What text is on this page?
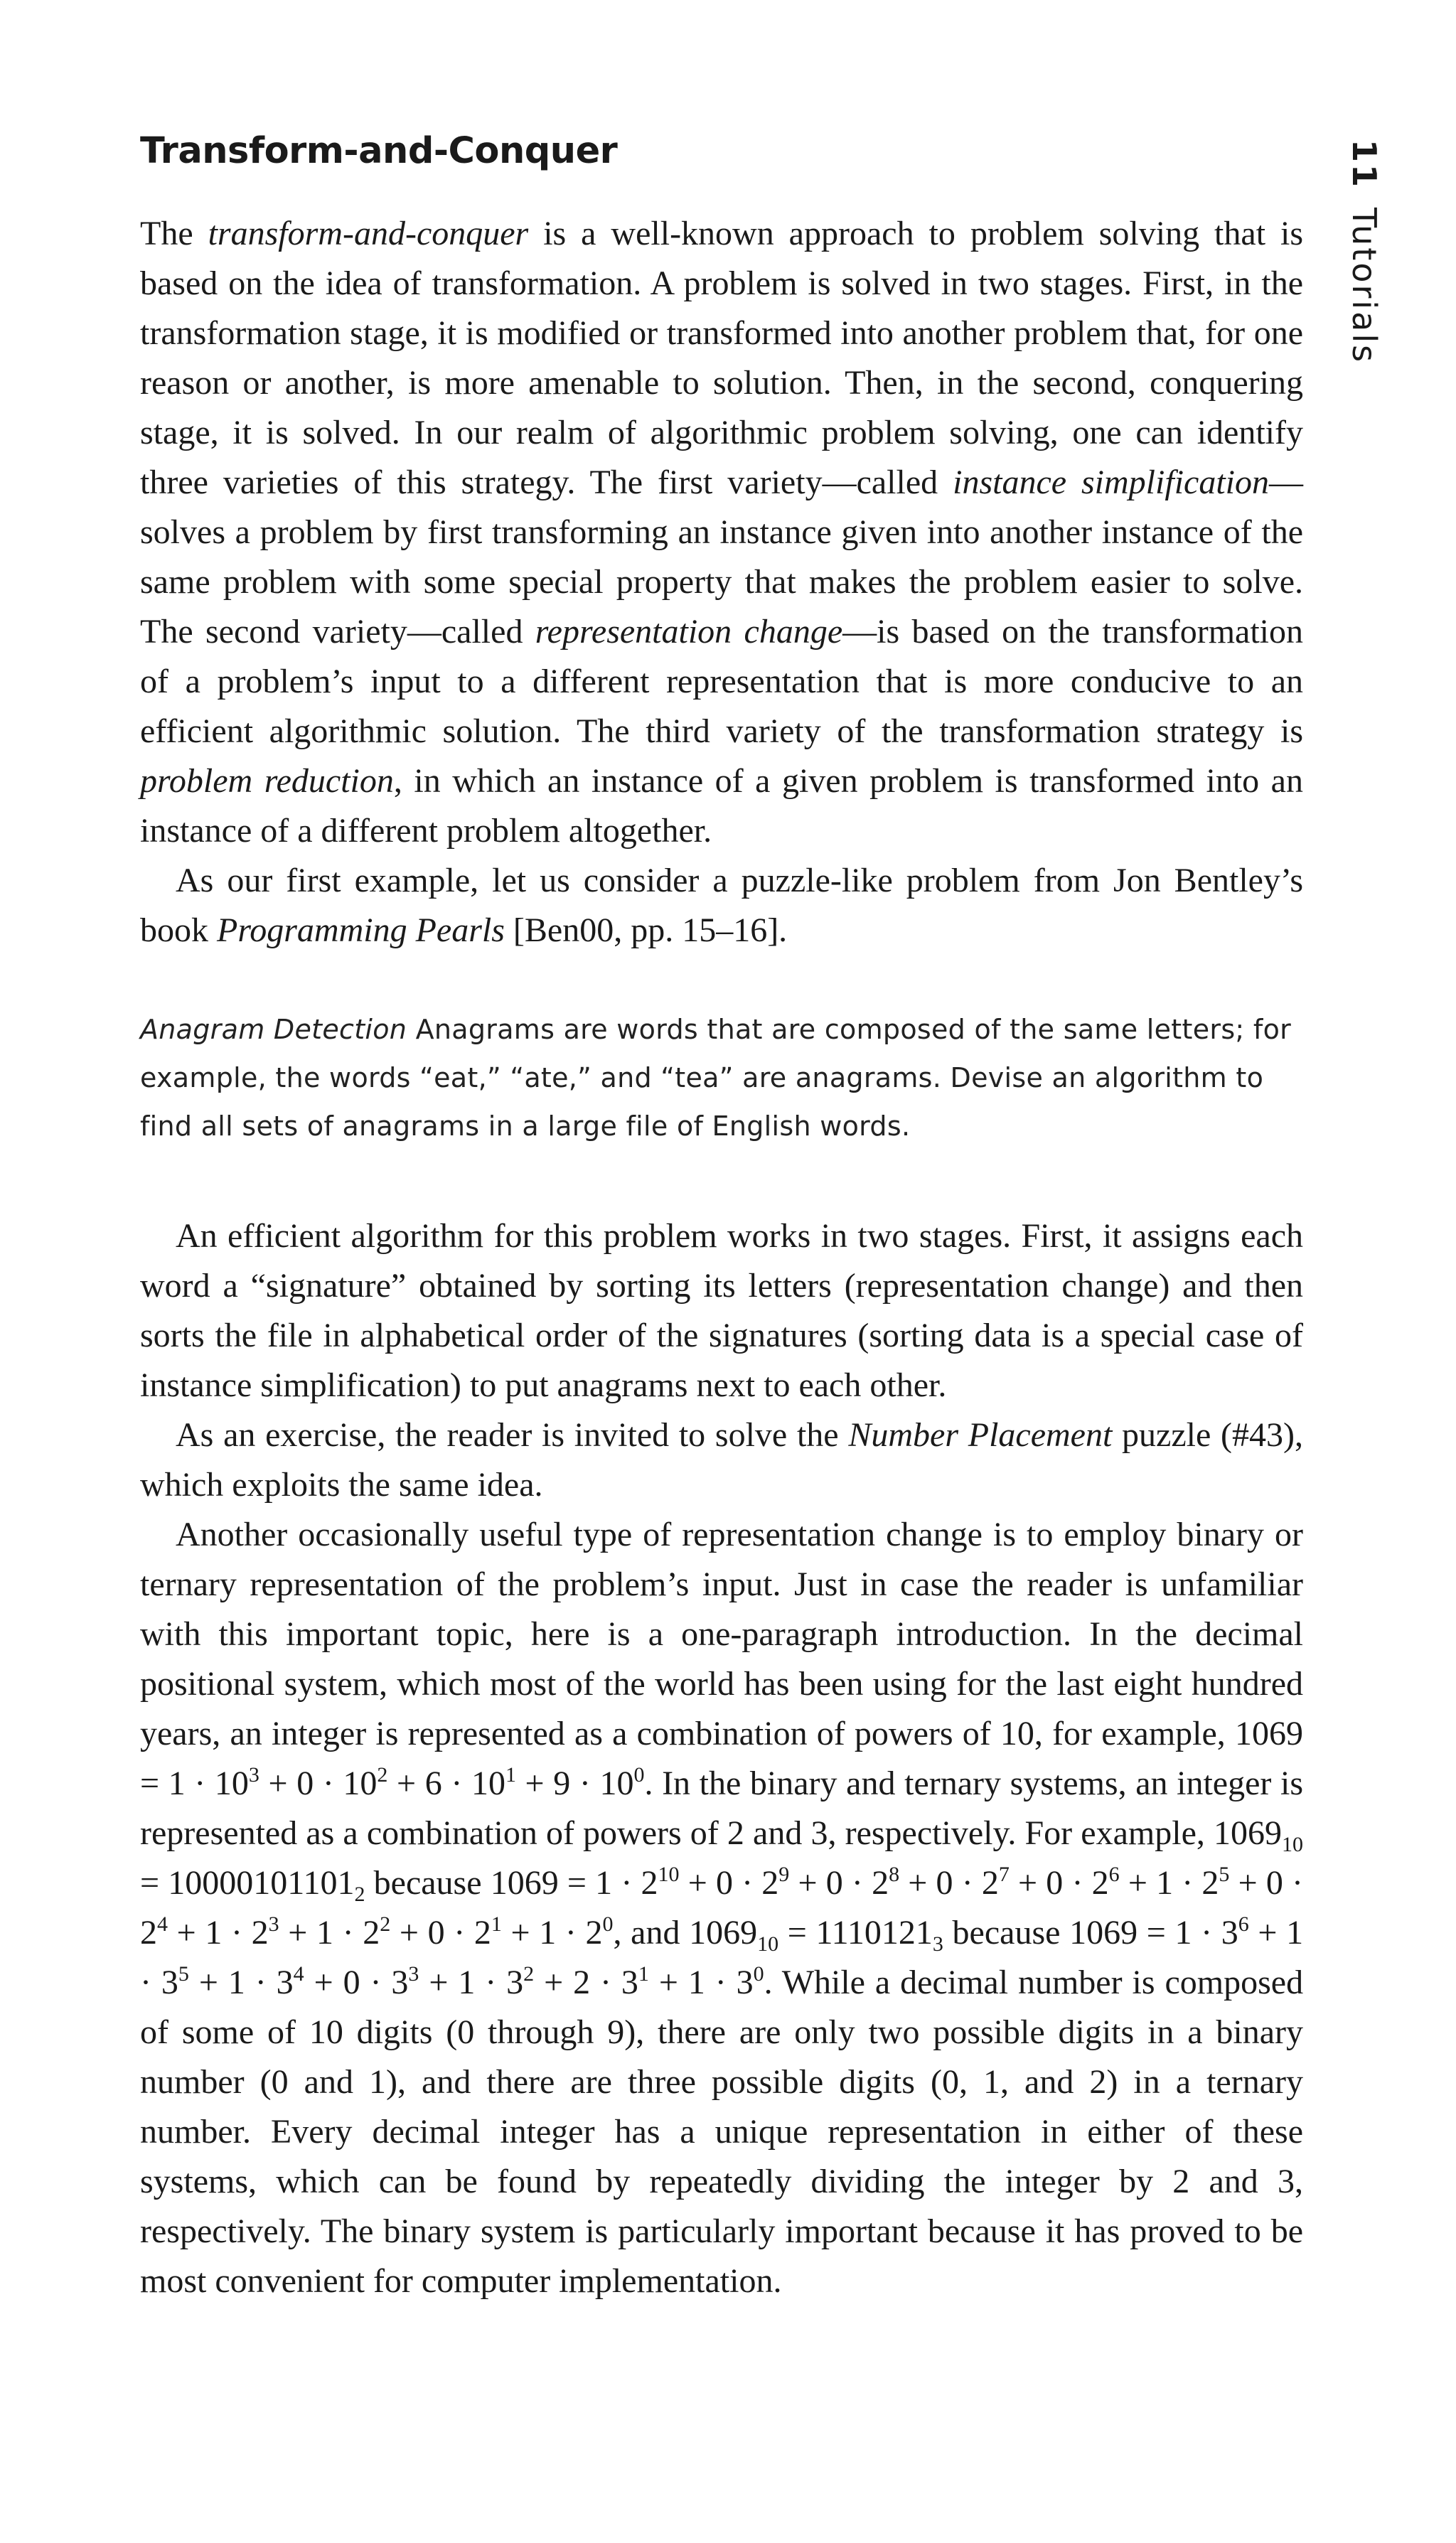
11Tutorials
Transform-and-Conquer

The transform-and-conquer is a well-known approach to problem solving that is based on the idea of transformation. A problem is solved in two stages. First, in the transformation stage, it is modified or transformed into another problem that, for one reason or another, is more amenable to solution. Then, in the second, conquering stage, it is solved. In our realm of algorithmic problem solving, one can identify three varieties of this strategy. The first variety—called instance simplification—solves a problem by first transforming an instance given into another instance of the same problem with some special property that makes the problem easier to solve. The second variety—called representation change—is based on the transformation of a problem’s input to a different representation that is more conducive to an efficient algorithmic solution. The third variety of the transformation strategy is problem reduction, in which an instance of a given problem is transformed into an instance of a different problem altogether.

As our first example, let us consider a puzzle-like problem from Jon Bentley’s book Programming Pearls [Ben00, pp. 15–16].

Anagram Detection Anagrams are words that are composed of the same letters; for example, the words “eat,” “ate,” and “tea” are anagrams. Devise an algorithm to find all sets of anagrams in a large file of English words.

An efficient algorithm for this problem works in two stages. First, it assigns each word a “signature” obtained by sorting its letters (representation change) and then sorts the file in alphabetical order of the signatures (sorting data is a special case of instance simplification) to put anagrams next to each other.

As an exercise, the reader is invited to solve the Number Placement puzzle (#43), which exploits the same idea.

Another occasionally useful type of representation change is to employ binary or ternary representation of the problem’s input. Just in case the reader is unfamiliar with this important topic, here is a one-paragraph introduction. In the decimal positional system, which most of the world has been using for the last eight hundred years, an integer is represented as a combination of powers of 10, for example, $1069 = 1 \cdot 10^3 + 0 \cdot 10^2 + 6 \cdot 10^1 + 9 \cdot 10^0$. In the binary and ternary systems, an integer is represented as a combination of powers of 2 and 3, respectively. For example, $1069_{10} = 10000101101_2$ because $1069 = 1 \cdot 2^{10} + 0 \cdot 2^9 + 0 \cdot 2^8 + 0 \cdot 2^7 + 0 \cdot 2^6 + 1 \cdot 2^5 + 0 \cdot 2^4 + 1 \cdot 2^3 + 1 \cdot 2^2 + 0 \cdot 2^1 + 1 \cdot 2^0$, and $1069_{10} = 1110121_3$ because $1069 = 1 \cdot 3^6 + 1 \cdot 3^5 + 1 \cdot 3^4 + 0 \cdot 3^3 + 1 \cdot 3^2 + 2 \cdot 3^1 + 1 \cdot 3^0$. While a decimal number is composed of some of 10 digits (0 through 9), there are only two possible digits in a binary number (0 and 1), and there are three possible digits (0, 1, and 2) in a ternary number. Every decimal integer has a unique representation in either of these systems, which can be found by repeatedly dividing the integer by 2 and 3, respectively. The binary system is particularly important because it has proved to be most convenient for computer implementation.
